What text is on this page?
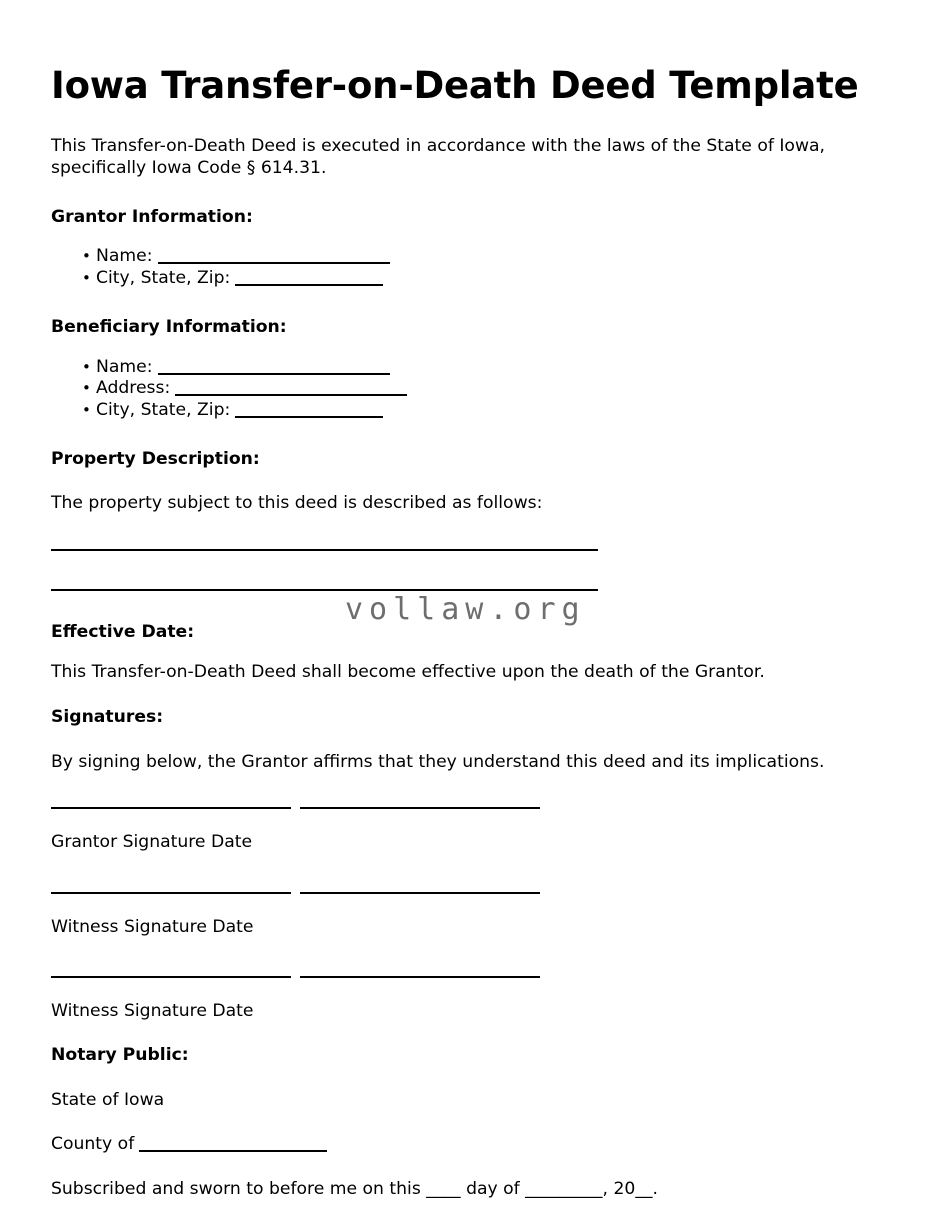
vollaw.org
Iowa Transfer-on-Death Deed Template

This Transfer-on-Death Deed is executed in accordance with the laws of the State of Iowa, specifically Iowa Code § 614.31.

Grantor Information:
• Name:
• City, State, Zip:
Beneficiary Information:
• Name:
• Address:
• City, State, Zip:
Property Description:

The property subject to this deed is described as follows:

Effective Date:

This Transfer-on-Death Deed shall become effective upon the death of the Grantor.

Signatures:

By signing below, the Grantor affirms that they understand this deed and its implications.

Grantor Signature Date
Witness Signature Date
Witness Signature Date
Notary Public:

State of Iowa

County of

Subscribed and sworn to before me on this ____ day of _________, 20__.
